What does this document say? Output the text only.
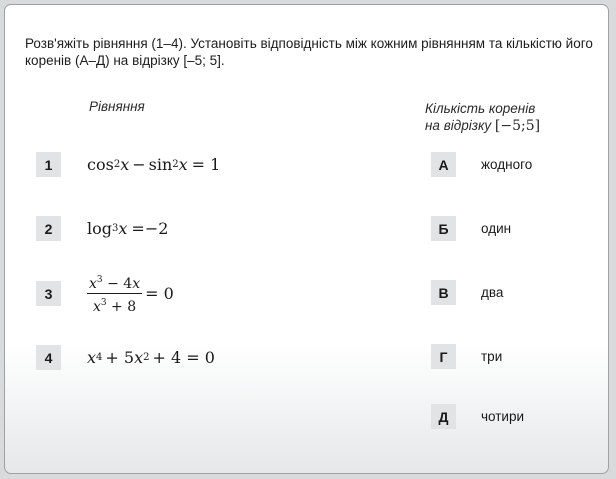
Розв'яжіть рівняння (1–4). Установіть відповідність між кожним рівнянням та кількістю його коренів (А–Д) на відрізку [–5; 5].
Рівняння	Кількість коренів
на відрізку [−5;5]
1	cos 2 x − sin 2 x = 1
2	log 3 x =−2
3	$\frac{x^3 - 4x}{x^3 + 8} = 0$
4	x 4 + 5 x 2 + 4 = 0
А	жодного
Б	один
В	два
Г	три
Д	чотири
